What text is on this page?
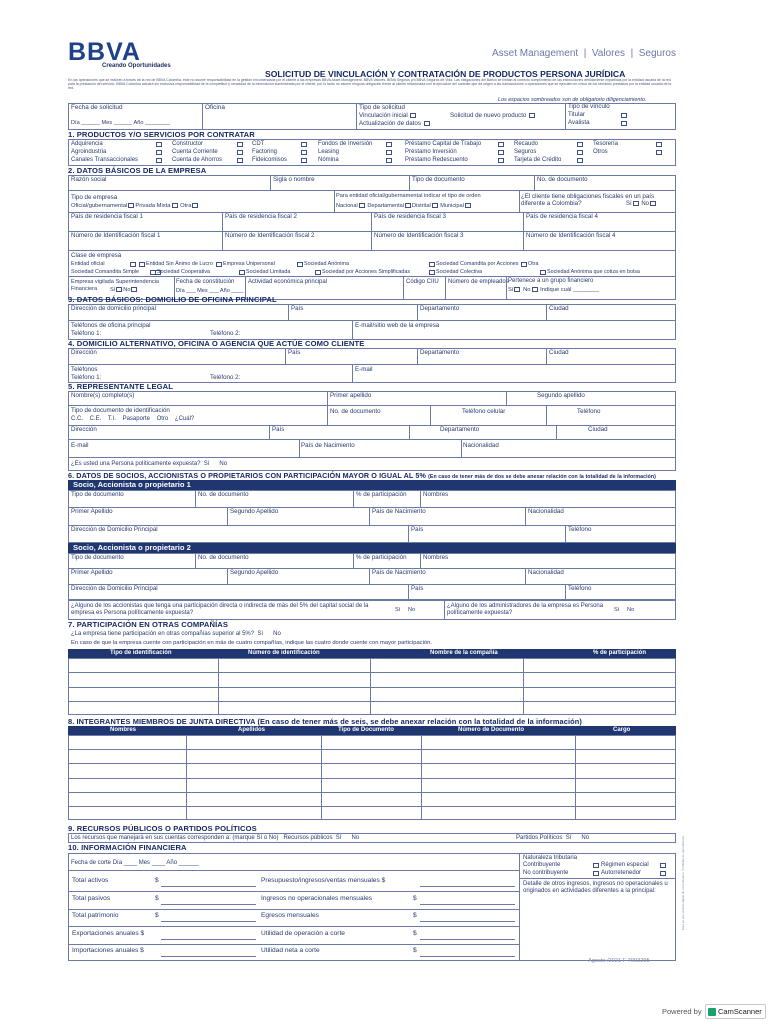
BBVA
Creando Oportunidades
Asset Management  |  Valores  |  Seguros
SOLICITUD DE VINCULACIÓN Y CONTRATACIÓN DE PRODUCTOS PERSONA JURÍDICA
En las operaciones que se realicen a través de la red de BBVA Colombia, éste no asume responsabilidad en la gestión encomendada por el cliente a las empresas BBVA Asset Management, BBVA Valores, BBVA Seguros y/o BBVA Seguros de Vida. Las obligaciones del Banco se limitan al correcto cumplimiento de las instrucciones debidamente impartidas por la entidad usuaria de la red para la prestación del servicio. BBVA Colombia actuará sin exclusiva responsabilidad de la completitud y veracidad de la información suministrada por el cliente, por lo tanto no asume ninguna obligación frente al cliente relacionada con la ejecución del contrato que da origen a las transacciones u operaciones que se ejecuten en virtud de los servicios prestados por la entidad usuaria de la red.
Los espacios sombreados son de obligatorio diligenciamiento.
Fecha de solicitud
Día ______ Mes ______ Año ________
Oficina	Tipo de solicitud
Vinculación inicial	Solicitud de nuevo producto
Actualización de datos
Tipo de vínculo
Titular
Avalista
1. PRODUCTOS Y/O SERVICIOS POR CONTRATAR
Adquirencia
Agroindustria
Canales Transaccionales
Constructor
Cuenta Corriente
Cuenta de Ahorros
CDT
Factoring
Fideicomisos
Fondos de Inversión
Leasing
Nómina
Préstamo Capital de Trabajo
Préstamo Inversión
Préstamo Redescuento
Recaudo
Seguros
Tarjeta de Crédito
Tesorería
Otros
2. DATOS BÁSICOS DE LA EMPRESA
Razón social	Sigla o nombre	Tipo de documento	No. de documento
Tipo de empresa
Oficial/gubernamental Privada Mixta Otra
Para entidad oficial/gubernamental indicar el tipo de orden
Nacional Departamental Distrital Municipal
¿El cliente tiene obligaciones fiscales en un país diferente a Colombia?	Sí No
País de residencia fiscal 1	País de residencia fiscal 2	País de residencia fiscal 3	País de residencia fiscal 4
Número de Identificación fiscal 1	Número de Identificación fiscal 2	Número de Identificación fiscal 3	Número de Identificación fiscal 4
Clase de empresa
Entidad oficial	Entidad Sin Ánimo de Lucro Empresa Unipersonal	Sociedad Anónima	Sociedad Comandita por Acciones Otra
Sociedad Comandita Simple	Sociedad Cooperativa	Sociedad Limitada	Sociedad por Acciones Simplificadas	Sociedad Colectiva	Sociedad Anónima que cotiza en bolsa
Empresa vigilada Superintendencia Financiera	Sí No
Fecha de constitución
Día ___ Mes ___ Año ____
Actividad económica principal	Código CIIU Número de empleados Pertenece a un grupo financiero
Sí No Indique cuál ________
3. DATOS BÁSICOS: DOMICILIO DE OFICINA PRINCIPAL
Dirección de domicilio principal	País	Departamento	Ciudad
Teléfonos de oficina principal
Teléfono 1:	Teléfono 2:
E-mail/sitio web de la empresa
4. DOMICILIO ALTERNATIVO, OFICINA O AGENCIA QUE ACTÚE COMO CLIENTE
Dirección	País	Departamento	Ciudad
Teléfonos
Teléfono 1:	Teléfono 2:
E-mail
5. REPRESENTANTE LEGAL
Nombre(s) completo(s)	Primer apellido	Segundo apellido
Tipo de documento de identificación
C.C.    C.E.    T.I.    Pasaporte    Otro    ¿Cuál?
No. de documento	Teléfono celular	Teléfono
Dirección	País	Departamento	Ciudad
E-mail	País de Nacimiento	Nacionalidad
¿Es usted una Persona políticamente expuesta?  Sí      No
6. DATOS DE SOCIOS, ACCIONISTAS O PROPIETARIOS CON PARTICIPACIÓN MAYOR O IGUAL AL 5% (En caso de tener más de dos se debe anexar relación con la totalidad de la información)
Socio, Accionista o propietario 1
Tipo de documento	No. de documento	% de participación	Nombres
Primer Apellido	Segundo Apellido	País de Nacimiento	Nacionalidad
Dirección de Domicilio Principal	País	Teléfono
Socio, Accionista o propietario 2
Tipo de documento	No. de documento	% de participación	Nombres
Primer Apellido	Segundo Apellido	País de Nacimiento	Nacionalidad
Dirección de Domicilio Principal	País	Teléfono
¿Alguno de los accionistas que tenga una participación directa o indirecta de más del 5% del capital social de la empresa es Persona políticamente expuesta?	Sí     No
¿Alguno de los administradores de la empresa es Persona políticamente expuesta?	Sí     No
7. PARTICIPACIÓN EN OTRAS COMPAÑÍAS
¿La empresa tiene participación en otras compañías superior al 5%?  Sí      No
En caso de que la empresa cuente con participación en más de cuatro compañías, indique las cuatro donde cuente con mayor participación.
Tipo de identificación	Número de identificación	Nombre de la compañía	% de participación
8. INTEGRANTES MIEMBROS DE JUNTA DIRECTIVA (En caso de tener más de seis, se debe anexar relación con la totalidad de la información)
Nombres	Apellidos	Tipo de Documento	Número de Documento	Cargo
9. RECURSOS PÚBLICOS O PARTIDOS POLÍTICOS
Los recursos que manejará en sus cuentas corresponden a: (marque Sí o No)   Recursos públicos  Sí      No	Partidos Políticos  Sí      No
10. INFORMACIÓN FINANCIERA
Fecha de corte Día ____ Mes ____ Año ______
Total activos	$	Presupuesto/ingresos/ventas mensuales $
Total pasivos	$	Ingresos no operacionales mensuales	$
Total patrimonio	$	Egresos mensuales	$
Exportaciones anuales $	Utilidad de operación a corte	$
Importaciones anuales $	Utilidad neta a corte	$
Naturaleza tributaria
Contribuyente	Régimen especial
No contribuyente	Autorretenedor
Detalle de otros ingresos, ingresos no operacionales u originados en actividades diferentes a la principal:
Agosto /2021 F-7903295
Esta es una versión digital de un formulario. Prohibida su reproducción.
Powered by	CamScanner
